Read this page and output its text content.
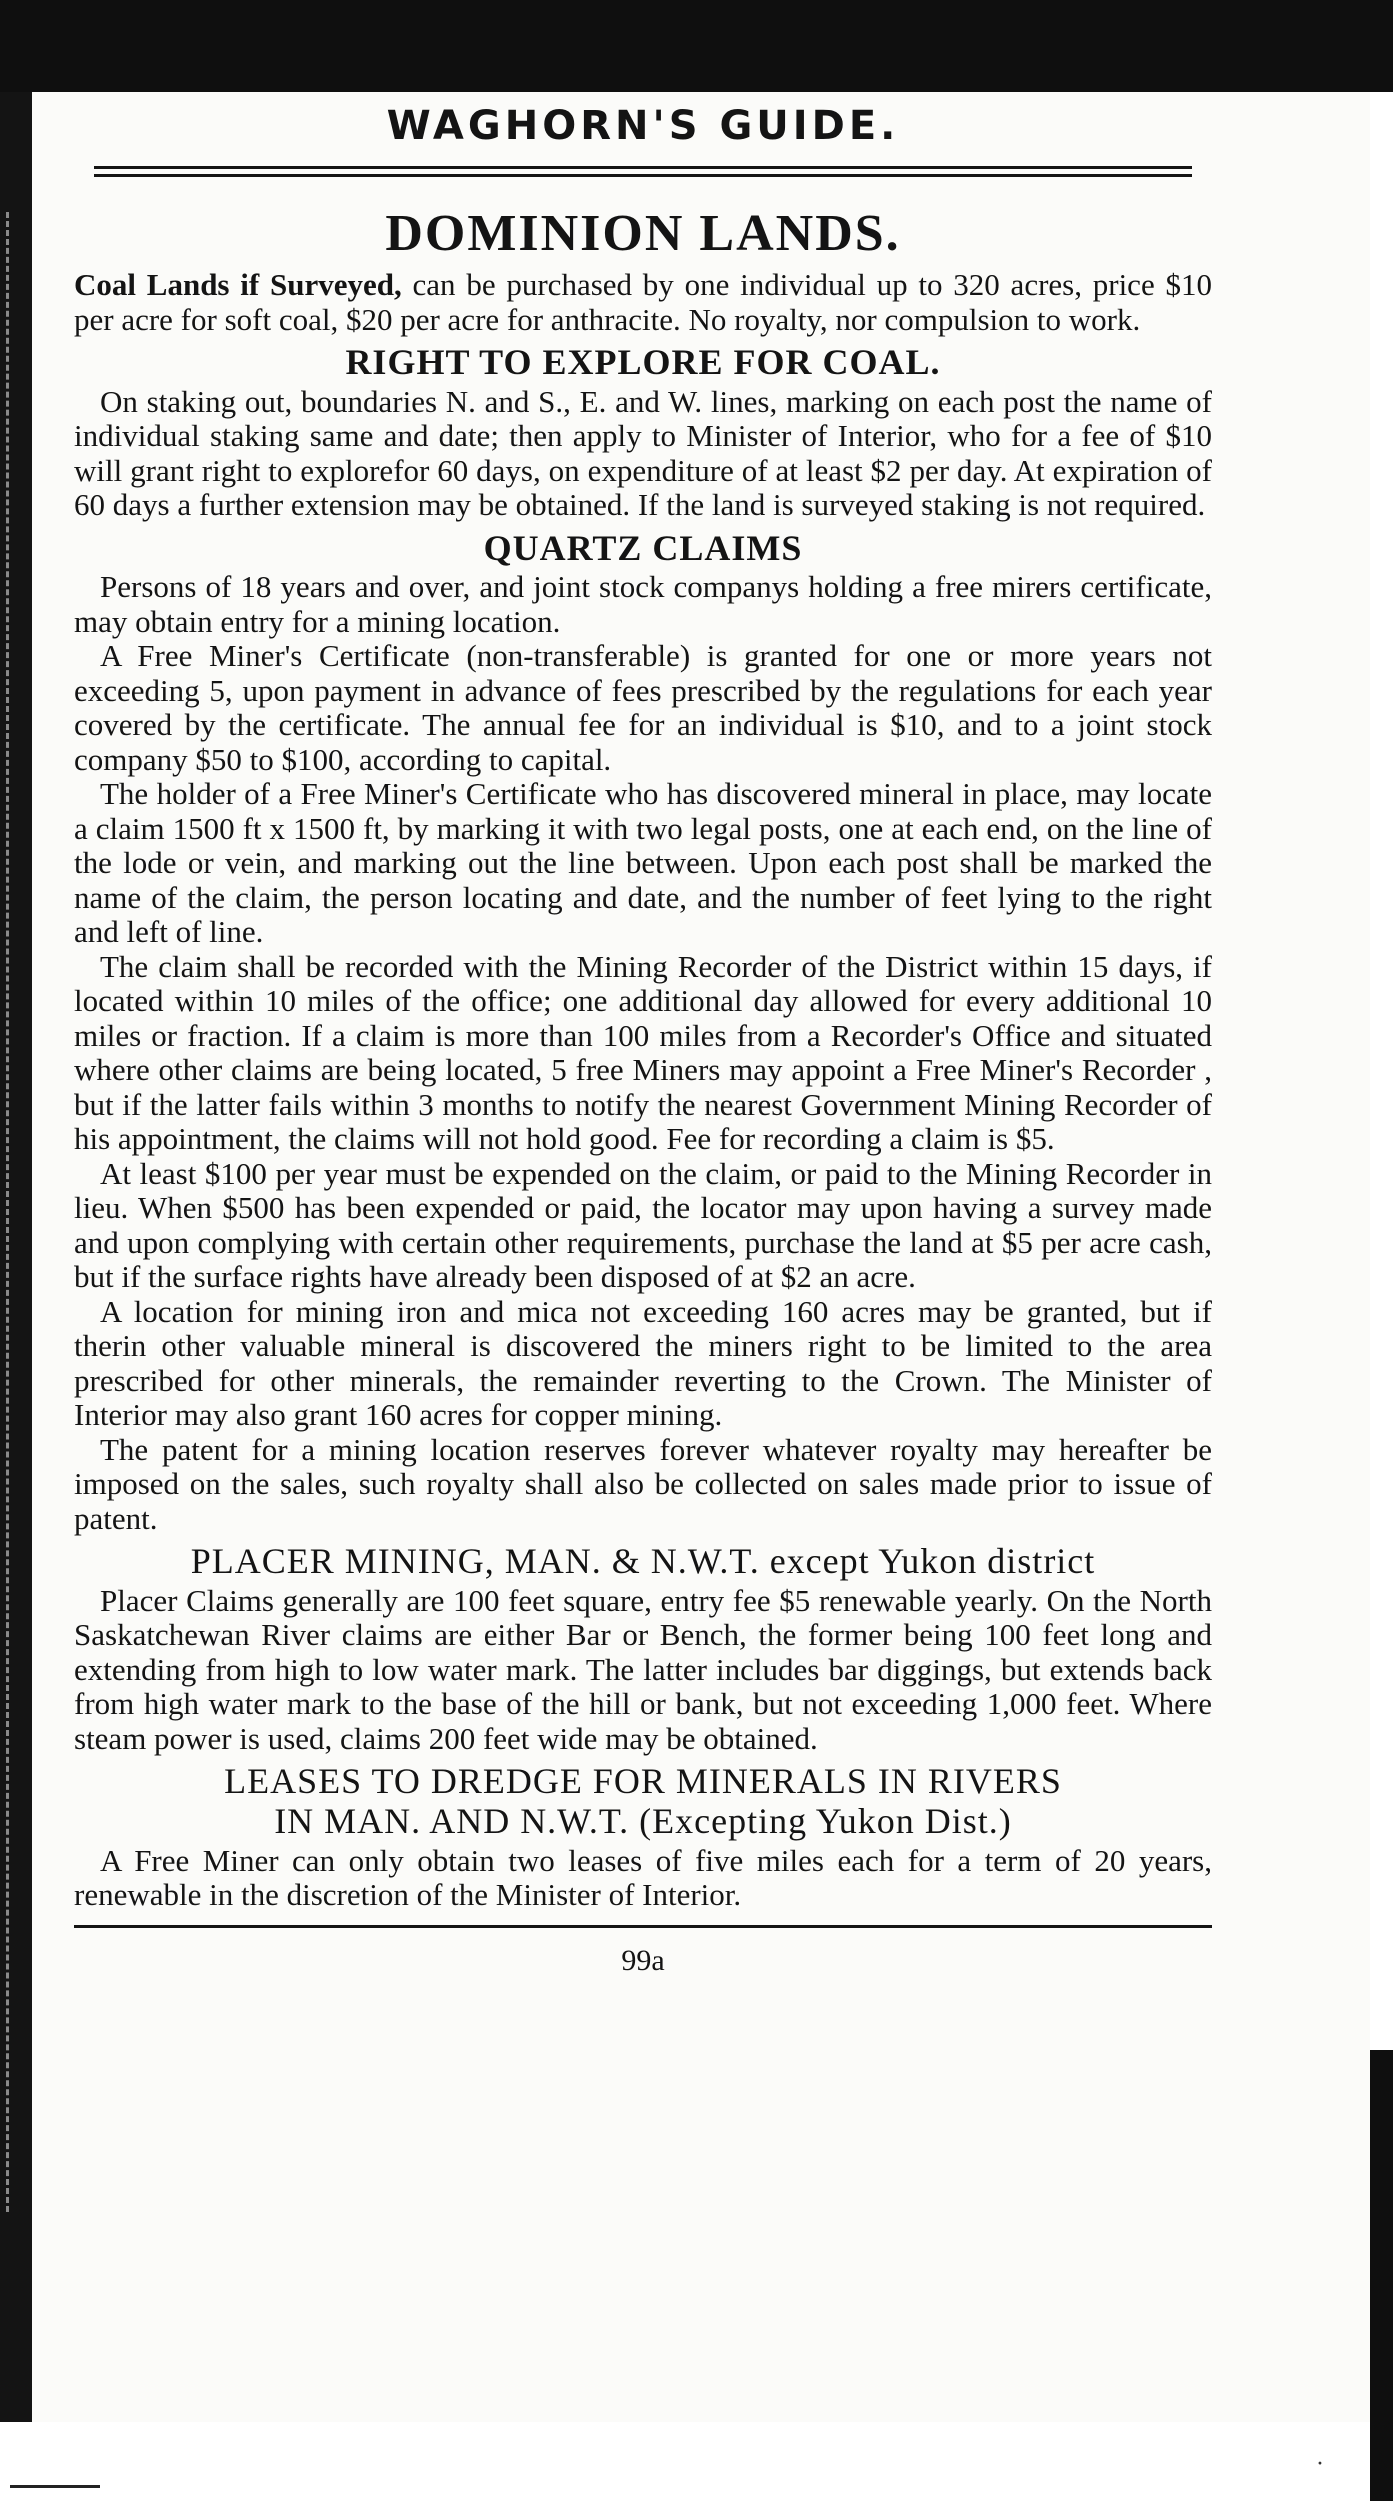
·
WAGHORN'S GUIDE.
DOMINION LANDS.

Coal Lands if Surveyed, can be purchased by one individual up to 320 acres, price $10 per acre for soft coal, $20 per acre for anthracite. No royalty, nor compulsion to work.

RIGHT TO EXPLORE FOR COAL.

On staking out, boundaries N. and S., E. and W. lines, marking on each post the name of individual staking same and date; then apply to Minister of Interior, who for a fee of $10 will grant right to explorefor 60 days, on expenditure of at least $2 per day. At expiration of 60 days a further extension may be obtained. If the land is surveyed staking is not required.

QUARTZ CLAIMS

Persons of 18 years and over, and joint stock companys holding a free mirers certificate, may obtain entry for a mining location.

A Free Miner's Certificate (non-transferable) is granted for one or more years not exceeding 5, upon payment in advance of fees prescribed by the regulations for each year covered by the certificate. The annual fee for an individual is $10, and to a joint stock company $50 to $100, according to capital.

The holder of a Free Miner's Certificate who has discovered mineral in place, may locate a claim 1500 ft x 1500 ft, by marking it with two legal posts, one at each end, on the line of the lode or vein, and marking out the line between. Upon each post shall be marked the name of the claim, the person locating and date, and the number of feet lying to the right and left of line.

The claim shall be recorded with the Mining Recorder of the District within 15 days, if located within 10 miles of the office; one additional day allowed for every additional 10 miles or fraction. If a claim is more than 100 miles from a Recorder's Office and situated where other claims are being located, 5 free Miners may appoint a Free Miner's Recorder , but if the latter fails within 3 months to notify the nearest Government Mining Recorder of his appointment, the claims will not hold good. Fee for recording a claim is $5.

At least $100 per year must be expended on the claim, or paid to the Mining Recorder in lieu. When $500 has been expended or paid, the locator may upon having a survey made and upon complying with certain other requirements, purchase the land at $5 per acre cash, but if the surface rights have already been disposed of at $2 an acre.

A location for mining iron and mica not exceeding 160 acres may be granted, but if therin other valuable mineral is discovered the miners right to be limited to the area prescribed for other minerals, the remainder reverting to the Crown. The Minister of Interior may also grant 160 acres for copper mining.

The patent for a mining location reserves forever whatever royalty may hereafter be imposed on the sales, such royalty shall also be collected on sales made prior to issue of patent.

PLACER MINING, MAN. & N.W.T. except Yukon district

Placer Claims generally are 100 feet square, entry fee $5 renewable yearly. On the North Saskatchewan River claims are either Bar or Bench, the former being 100 feet long and extending from high to low water mark. The latter includes bar diggings, but extends back from high water mark to the base of the hill or bank, but not exceeding 1,000 feet. Where steam power is used, claims 200 feet wide may be obtained.

LEASES TO DREDGE FOR MINERALS IN RIVERS
IN MAN. AND N.W.T. (Excepting Yukon Dist.)

A Free Miner can only obtain two leases of five miles each for a term of 20 years, renewable in the discretion of the Minister of Interior.

99a
